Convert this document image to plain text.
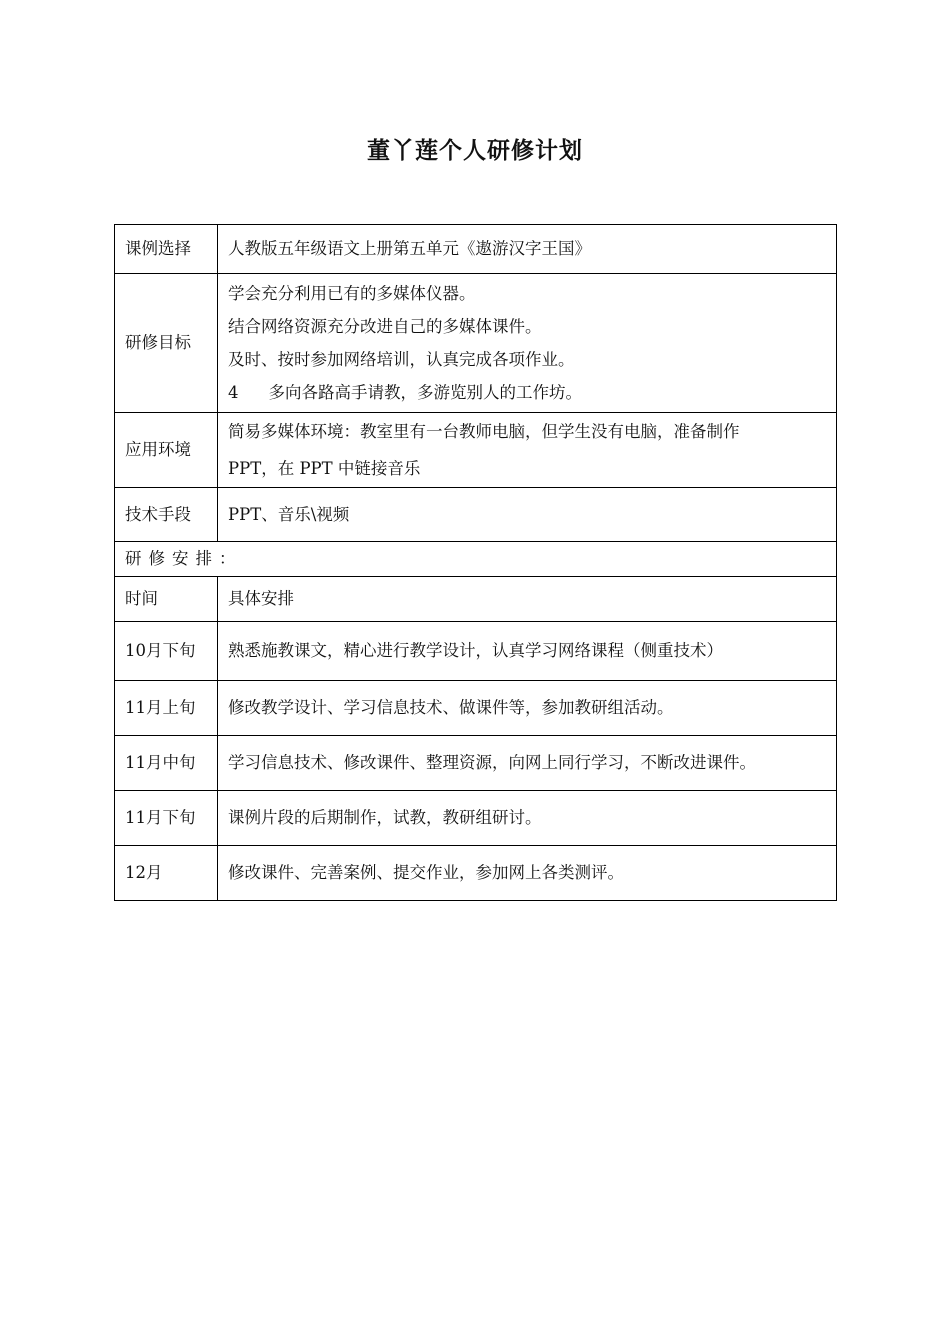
董丫莲个人研修计划
课例选择	人教版五年级语文上册第五单元《遨游汉字王国》
研修目标	学会充分利用已有的多媒体仪器。
结合网络资源充分改进自己的多媒体课件。
及时、按时参加网络培训，认真完成各项作业。
4 多向各路高手请教，多游览别人的工作坊。

应用环境	简易多媒体环境：教室里有一台教师电脑，但学生没有电脑，准备制作
PPT，在 PPT 中链接音乐

技术手段	PPT、音乐\视频
研修安排：	
时间	具体安排
10月下旬	熟悉施教课文，精心进行教学设计，认真学习网络课程（侧重技术）
11月上旬	修改教学设计、学习信息技术、做课件等，参加教研组活动。
11月中旬	学习信息技术、修改课件、整理资源，向网上同行学习，不断改进课件。
11月下旬	课例片段的后期制作，试教，教研组研讨。
12月	修改课件、完善案例、提交作业，参加网上各类测评。
